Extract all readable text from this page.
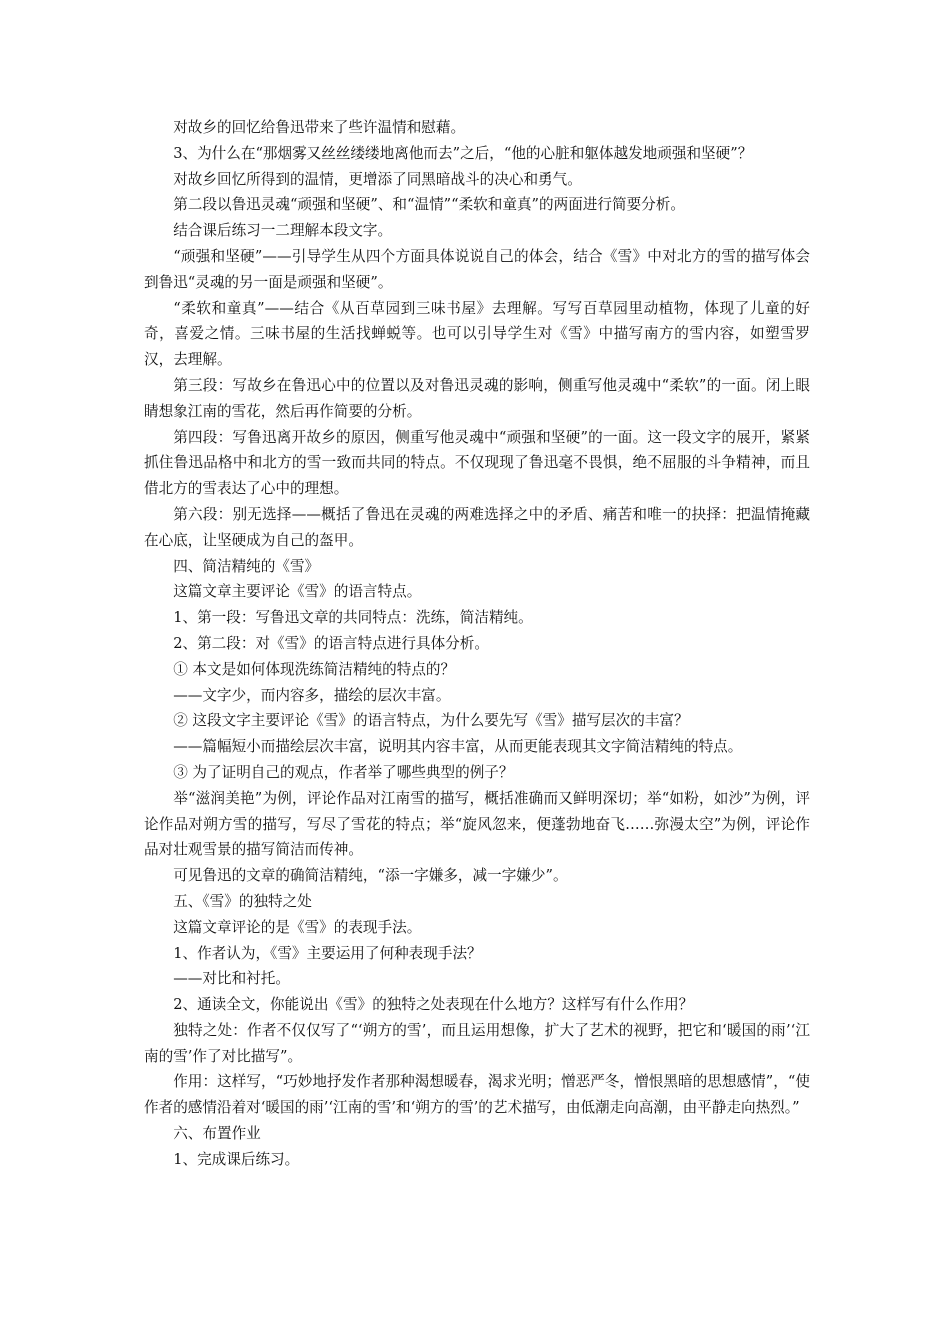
对故乡的回忆给鲁迅带来了些许温情和慰藉。

3、为什么在“那烟雾又丝丝缕缕地离他而去”之后，“他的心脏和躯体越发地顽强和坚硬”？

对故乡回忆所得到的温情，更增添了同黑暗战斗的决心和勇气。

第二段以鲁迅灵魂“顽强和坚硬”、和“温情”“柔软和童真”的两面进行简要分析。

结合课后练习一二理解本段文字。

“顽强和坚硬”——引导学生从四个方面具体说说自己的体会，结合《雪》中对北方的雪的描写体会到鲁迅“灵魂的另一面是顽强和坚硬”。

“柔软和童真”——结合《从百草园到三味书屋》去理解。写写百草园里动植物，体现了儿童的好奇，喜爱之情。三味书屋的生活找蝉蜕等。也可以引导学生对《雪》中描写南方的雪内容，如塑雪罗汉，去理解。

第三段：写故乡在鲁迅心中的位置以及对鲁迅灵魂的影响，侧重写他灵魂中“柔软”的一面。闭上眼睛想象江南的雪花，然后再作简要的分析。

第四段：写鲁迅离开故乡的原因，侧重写他灵魂中“顽强和坚硬”的一面。这一段文字的展开，紧紧抓住鲁迅品格中和北方的雪一致而共同的特点。不仅现现了鲁迅毫不畏惧，绝不屈服的斗争精神，而且借北方的雪表达了心中的理想。

第六段：别无选择——概括了鲁迅在灵魂的两难选择之中的矛盾、痛苦和唯一的抉择：把温情掩藏在心底，让坚硬成为自己的盔甲。

四、简洁精纯的《雪》

这篇文章主要评论《雪》的语言特点。

1、第一段：写鲁迅文章的共同特点：洗练，简洁精纯。

2、第二段：对《雪》的语言特点进行具体分析。

① 本文是如何体现洗练简洁精纯的特点的？

——文字少，而内容多，描绘的层次丰富。

② 这段文字主要评论《雪》的语言特点，为什么要先写《雪》描写层次的丰富？

——篇幅短小而描绘层次丰富，说明其内容丰富，从而更能表现其文字简洁精纯的特点。

③ 为了证明自己的观点，作者举了哪些典型的例子？

举“滋润美艳”为例，评论作品对江南雪的描写，概括准确而又鲜明深切；举“如粉，如沙”为例，评论作品对朔方雪的描写，写尽了雪花的特点；举“旋风忽来，便蓬勃地奋飞……弥漫太空”为例，评论作品对壮观雪景的描写简洁而传神。

可见鲁迅的文章的确简洁精纯，“添一字嫌多，减一字嫌少”。

五、《雪》的独特之处

这篇文章评论的是《雪》的表现手法。

1、作者认为，《雪》主要运用了何种表现手法？

——对比和衬托。

2、通读全文，你能说出《雪》的独特之处表现在什么地方？这样写有什么作用？

独特之处：作者不仅仅写了“‘朔方的雪’，而且运用想像，扩大了艺术的视野，把它和‘暖国的雨’‘江南的雪’作了对比描写”。

作用：这样写，“巧妙地抒发作者那种渴想暖春，渴求光明；憎恶严冬，憎恨黑暗的思想感情”，“使作者的感情沿着对‘暖国的雨’‘江南的雪’和‘朔方的雪’的艺术描写，由低潮走向高潮，由平静走向热烈。”

六、布置作业

1、完成课后练习。
